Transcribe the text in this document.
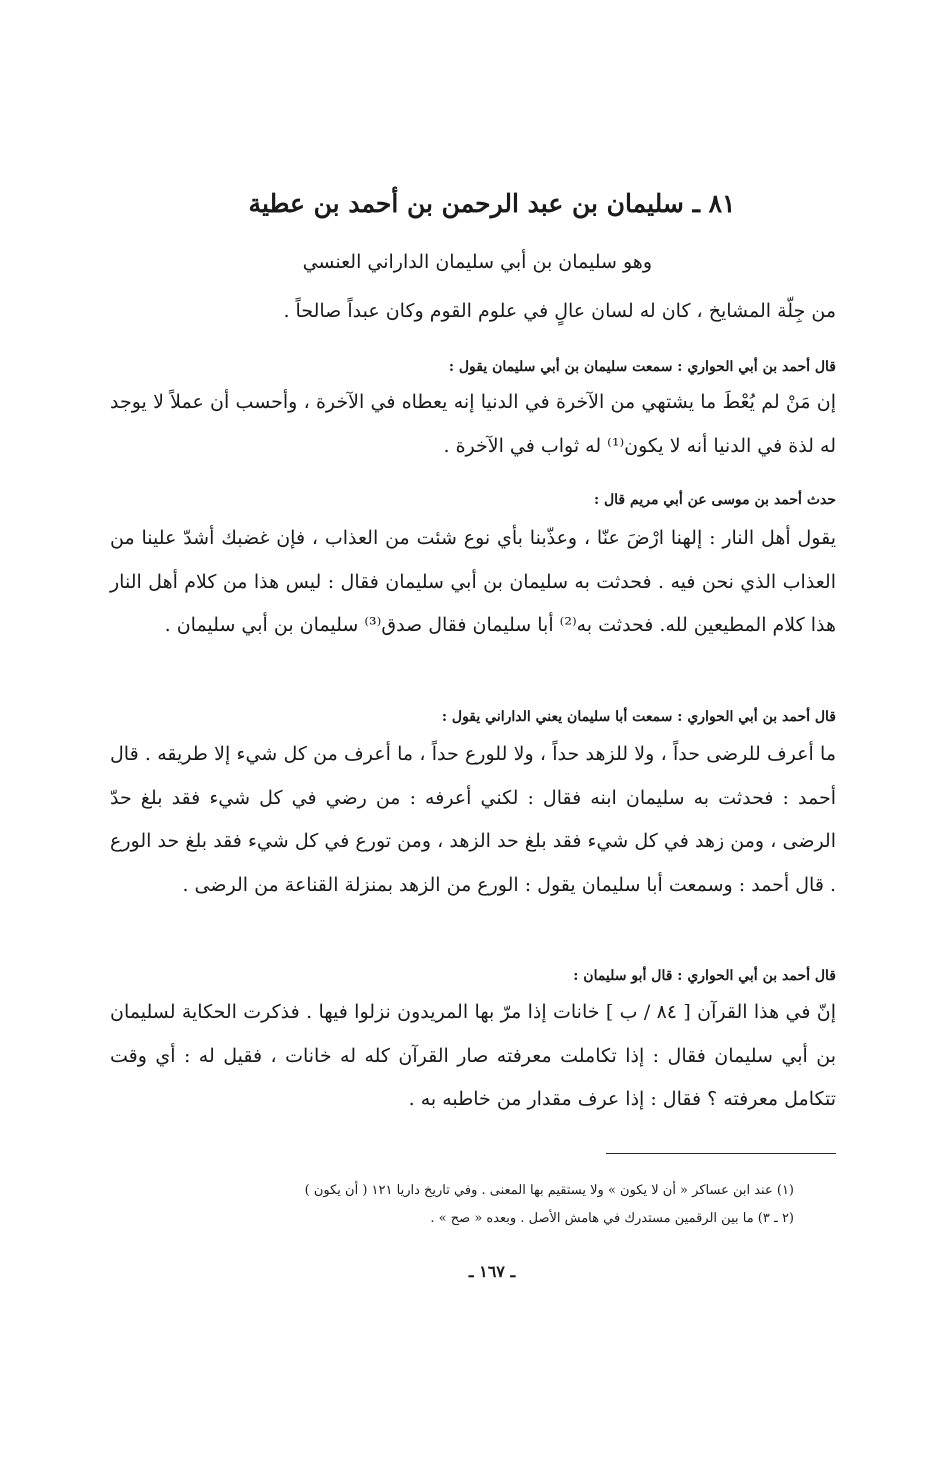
٨١ ـ سليمان بن عبد الرحمن بن أحمد بن عطية

وهو سليمان بن أبي سليمان الداراني العنسي

من جِلّة المشايخ ، كان له لسان عالٍ في علوم القوم وكان عبداً صالحاً .

قال أحمد بن أبي الحواري : سمعت سليمان بن أبي سليمان يقول :

إن مَنْ لم يُعْطَ ما يشتهي من الآخرة في الدنيا إنه يعطاه في الآخرة ، وأحسب أن عملاً لا يوجد له لذة في الدنيا أنه لا يكون⁽¹⁾ له ثواب في الآخرة .

حدث أحمد بن موسى عن أبي مريم قال :

يقول أهل النار : إلهنا ارْضَ عنّا ، وعذّبنا بأي نوع شئت من العذاب ، فإن غضبك أشدّ علينا من العذاب الذي نحن فيه . فحدثت به سليمان بن أبي سليمان فقال : ليس هذا من كلام أهل النار هذا كلام المطيعين لله. فحدثت به⁽²⁾ أبا سليمان فقال صدق⁽³⁾ سليمان بن أبي سليمان .

قال أحمد بن أبي الحواري : سمعت أبا سليمان يعني الداراني يقول :

ما أعرف للرضى حداً ، ولا للزهد حداً ، ولا للورع حداً ، ما أعرف من كل شيء إلا طريقه . قال أحمد : فحدثت به سليمان ابنه فقال : لكني أعرفه : من رضي في كل شيء فقد بلغ حدّ الرضى ، ومن زهد في كل شيء فقد بلغ حد الزهد ، ومن تورع في كل شيء فقد بلغ حد الورع . قال أحمد : وسمعت أبا سليمان يقول : الورع من الزهد بمنزلة القناعة من الرضى .

قال أحمد بن أبي الحواري : قال أبو سليمان :

إنّ في هذا القرآن [ ٨٤ / ب ] خانات إذا مرّ بها المريدون نزلوا فيها . فذكرت الحكاية لسليمان بن أبي سليمان فقال : إذا تكاملت معرفته صار القرآن كله له خانات ، فقيل له : أي وقت تتكامل معرفته ؟ فقال : إذا عرف مقدار من خاطبه به .

(١) عند ابن عساكر « أن لا يكون » ولا يستقيم بها المعنى . وفي تاريخ داريا ١٢١ ( أن يكون )
(٢ ـ ٣) ما بين الرقمين مستدرك في هامش الأصل . وبعده « صح » .

ـ ١٦٧ ـ
